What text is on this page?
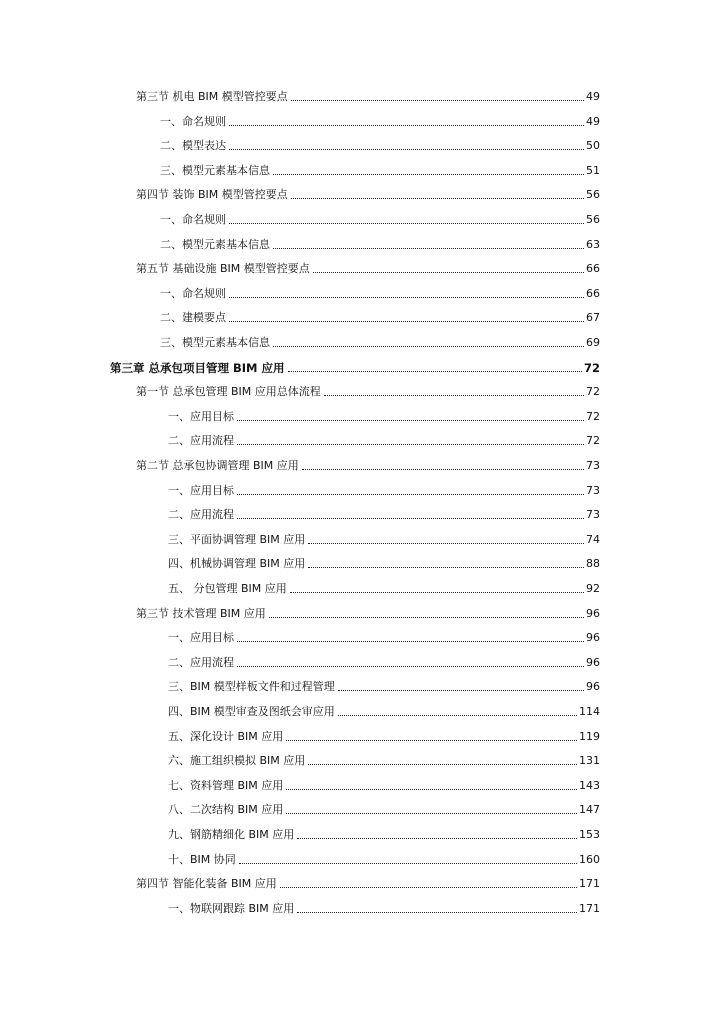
第三节 机电 BIM 模型管控要点	49
一、命名规则	49
二、模型表达	50
三、模型元素基本信息	51
第四节 装饰 BIM 模型管控要点	56
一、命名规则	56
二、模型元素基本信息	63
第五节 基础设施 BIM 模型管控要点	66
一、命名规则	66
二、建模要点	67
三、模型元素基本信息	69
第三章 总承包项目管理 BIM 应用	72
第一节 总承包管理 BIM 应用总体流程	72
一、应用目标	72
二、应用流程	72
第二节 总承包协调管理 BIM 应用	73
一、应用目标	73
二、应用流程	73
三、平面协调管理 BIM 应用	74
四、机械协调管理 BIM 应用	88
五、 分包管理 BIM 应用	92
第三节 技术管理 BIM 应用	96
一、应用目标	96
二、应用流程	96
三、BIM 模型样板文件和过程管理	96
四、BIM 模型审查及图纸会审应用	114
五、深化设计 BIM 应用	119
六、施工组织模拟 BIM 应用	131
七、资料管理 BIM 应用	143
八、二次结构 BIM 应用	147
九、钢筋精细化 BIM 应用	153
十、BIM 协同	160
第四节 智能化装备 BIM 应用	171
一、物联网跟踪 BIM 应用	171
